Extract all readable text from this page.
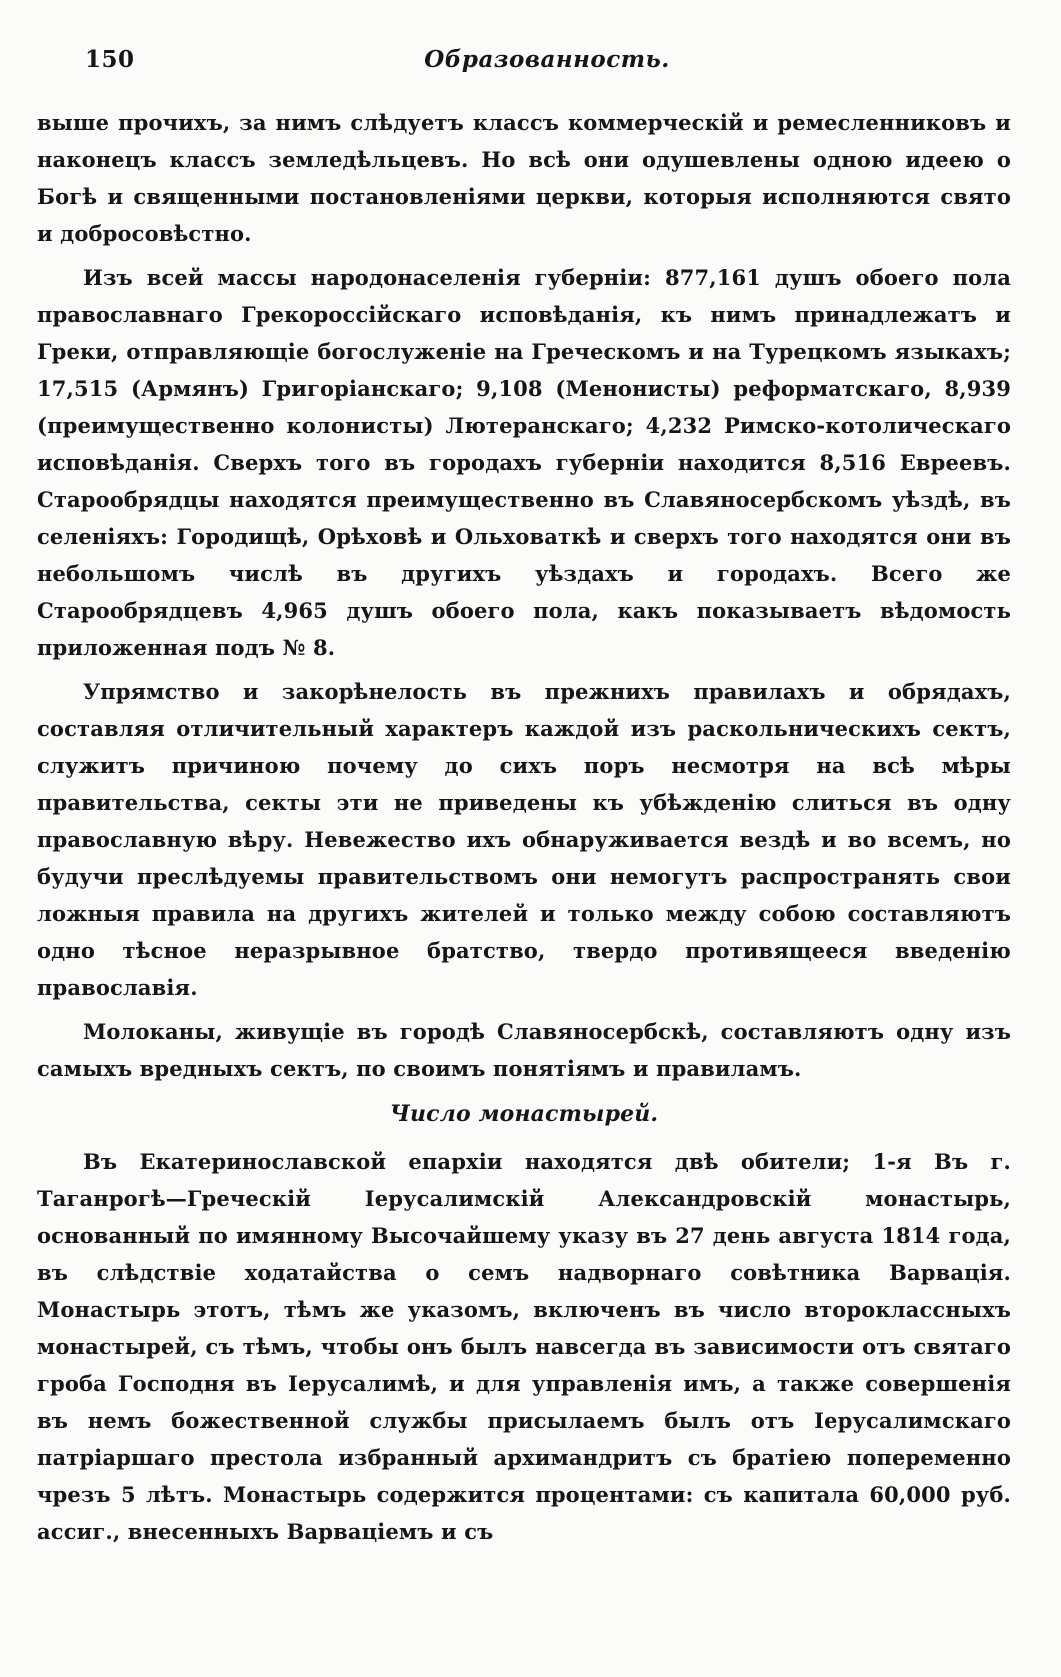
150	Образованность.

выше прочихъ, за нимъ слѣдуетъ классъ коммерческій и ремесленниковъ и наконецъ классъ земледѣльцевъ. Но всѣ они одушевлены одною идеею о Богѣ и священными постановленіями церкви, которыя исполняются свято и добросовѣстно.

Изъ всей массы народонаселенія губерніи: 877,161 душъ обоего пола православнаго Грекороссійскаго исповѣданія, къ нимъ принадлежатъ и Греки, отправляющіе богослуженіе на Греческомъ и на Турецкомъ языкахъ; 17,515 (Армянъ) Григоріанскаго; 9,108 (Менонисты) реформатскаго, 8,939 (преимущественно колонисты) Лютеранскаго; 4,232 Римско-котолическаго исповѣданія. Сверхъ того въ городахъ губерніи находится 8,516 Евреевъ. Старообрядцы находятся преимущественно въ Славяносербскомъ уѣздѣ, въ селеніяхъ: Городищѣ, Орѣховѣ и Ольховаткѣ и сверхъ того находятся они въ небольшомъ числѣ въ другихъ уѣздахъ и городахъ. Всего же Старообрядцевъ 4,965 душъ обоего пола, какъ показываетъ вѣдомость приложенная подъ № 8.

Упрямство и закорѣнелость въ прежнихъ правилахъ и обрядахъ, составляя отличительный характеръ каждой изъ раскольническихъ сектъ, служитъ причиною почему до сихъ поръ несмотря на всѣ мѣры правительства, секты эти не приведены къ убѣжденію слиться въ одну православную вѣру. Невежество ихъ обнаруживается вездѣ и во всемъ, но будучи преслѣдуемы правительствомъ они немогутъ распространять свои ложныя правила на другихъ жителей и только между собою составляютъ одно тѣсное неразрывное братство, твердо противящееся введенію православія.

Молоканы, живущіе въ городѣ Славяносербскѣ, составляютъ одну изъ самыхъ вредныхъ сектъ, по своимъ понятіямъ и правиламъ.

Число монастырей.

Въ Екатеринославской епархіи находятся двѣ обители; 1-я Въ г. Таганрогѣ—Греческій Іерусалимскій Александровскій монастырь, основанный по имянному Высочайшему указу въ 27 день августа 1814 года, въ слѣдствіе ходатайства о семъ надворнаго совѣтника Варвація. Монастырь этотъ, тѣмъ же указомъ, включенъ въ число второклассныхъ монастырей, съ тѣмъ, чтобы онъ былъ навсегда въ зависимости отъ святаго гроба Господня въ Іерусалимѣ, и для управленія имъ, а также совершенія въ немъ божественной службы присылаемъ былъ отъ Іерусалимскаго патріаршаго престола избранный архимандритъ съ братіею попеременно чрезъ 5 лѣтъ. Монастырь содержится процентами: съ капитала 60,000 руб. ассиг., внесенныхъ Варваціемъ и съ
